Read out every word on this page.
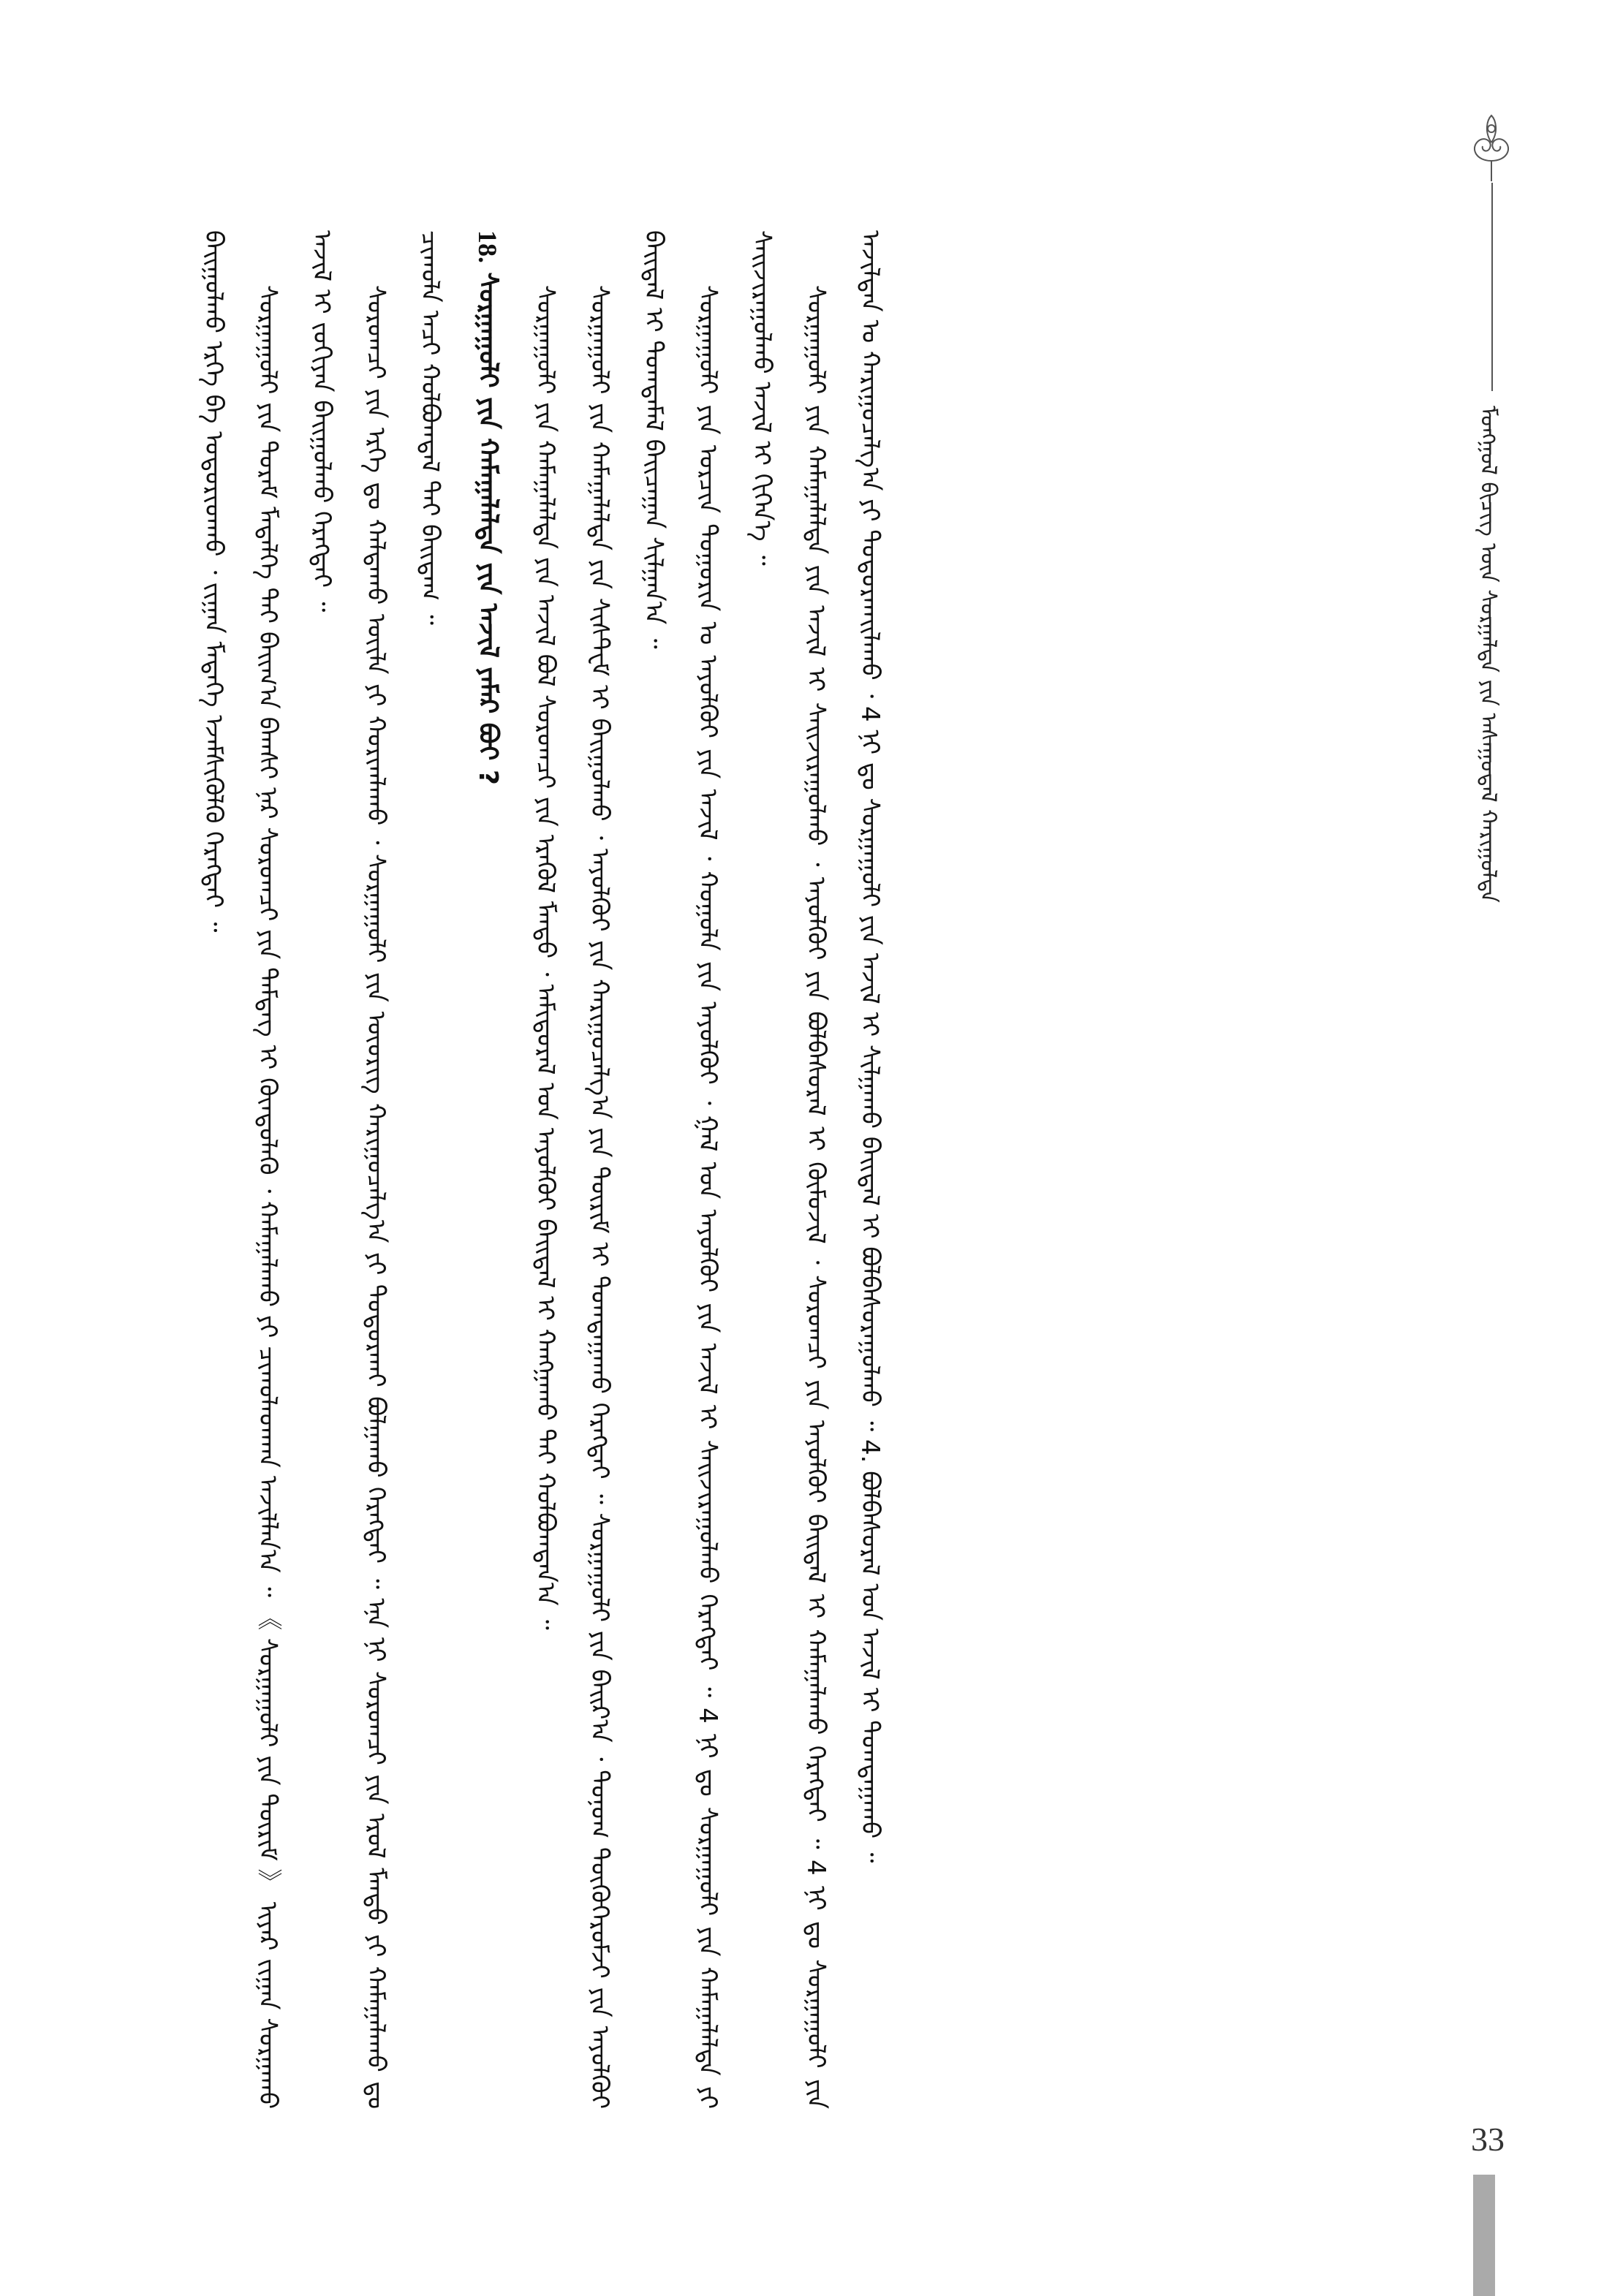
ᠮᠣᠩᠭᠣᠯ ᠪᠢᠴᠢᠭ ᠦᠨ ᠰᠤᠷᠭᠠᠯᠲᠠ ᠶᠢᠨ ᠠᠰᠠᠭᠤᠳᠠᠯ ᠬᠠᠷᠢᠭᠤᠯᠲᠠ
33

ᠪᠠᠢᠭᠤᠯᠬᠤ ᠡᠷᠬᠡ ᠪᠡ ᠤᠳᠤᠷᠢᠳᠬᠤ ᠂ ᠵᠢᠭᠠᠨ ᠮᠡᠳᠡᠭᠡ ᠡᠵᠡᠮᠰᠢᠭᠦᠯᠬᠦ ᠬᠡᠷᠡᠭᠲᠡᠢ ᠃	ᠰᠤᠷᠭᠠᠭᠤᠯᠢ ᠶᠢᠨ ᠳᠤᠷᠠᠮ ᠮᠡᠳᠡᠯᠭᠡ ᠲᠡᠢ ᠪᠠᠢᠭ᠎ᠠ ᠪᠠᠭᠰᠢ ᠨᠠᠷ ᠰᠤᠷᠤᠭᠴᠢ ᠶᠢᠨ ᠲᠡᠮᠳᠡᠭ ᠢ ᠬᠦᠨᠳᠦᠯᠡᠬᠦ ᠂ ᠬᠠᠮᠠᠭᠠᠯᠠᠬᠤ ᠶᠢ ᠴᠢᠬᠤᠯᠠᠳᠬᠠᠨ ᠠᠵᠢᠯᠯᠠᠨ᠎ᠠ ᠃ 《 ᠰᠤᠷᠭᠠᠭᠤᠯᠢ ᠶᠢᠨ ᠳᠦᠷᠢᠮ 》 ᠢᠶᠡᠷ ᠵᠢᠭᠠᠨ ᠰᠤᠷᠭᠠᠬᠤ ᠠᠵᠢᠯ ᠢ ᠵᠤᠬᠢᠶᠠᠨ ᠪᠠᠢᠭᠤᠯᠬᠤ ᠬᠡᠷᠡᠭᠲᠡᠢ ᠃	ᠰᠤᠷᠤᠭᠴᠢ ᠶᠢᠨ ᠡᠷᠬᠡ ᠳᠤ ᠬᠠᠯᠳᠠᠬᠤ ᠦᠢᠯᠡ ᠶᠢ ᠬᠤᠷᠢᠭᠯᠠᠬᠤ ᠂ ᠰᠤᠷᠭᠠᠭᠤᠯᠢ ᠶᠢᠨ ᠦᠦᠷᠢᠭ ᠬᠠᠷᠢᠭᠤᠴᠠᠯᠭ᠎ᠠ ᠶᠢ ᠲᠣᠳᠣᠷᠬᠠᠢ ᠪᠣᠯᠭᠠᠬᠤ ᠬᠡᠷᠡᠭᠲᠡᠢ ᠃ ᠡᠨᠡ ᠨᠢ ᠰᠤᠷᠤᠭᠴᠢ ᠶᠢᠨ ᠡᠷᠦᠯ ᠮᠡᠨᠳᠦ ᠶᠢ ᠬᠠᠮᠠᠭᠠᠯᠠᠬᠤ ᠳᠤ ᠴᠢᠬᠤᠯᠠ ᠠᠴᠢ ᠬᠤᠯᠪᠤᠭᠳᠠᠯ ᠲᠠᠢ ᠪᠠᠢᠳᠠᠭ ᠃	18. ᠰᠤᠷᠭᠠᠭᠤᠯᠢ ᠶᠢᠨ ᠬᠠᠮᠠᠭᠠᠯᠠᠯᠲᠠ ᠶᠢᠨ ᠠᠵᠢᠯ ᠶᠠᠮᠠᠷ ᠪᠤᠢ ?	ᠰᠤᠷᠭᠠᠭᠤᠯᠢ ᠶᠢᠨ ᠬᠠᠮᠠᠭᠠᠯᠠᠯᠲᠠ ᠶᠢᠨ ᠠᠵᠢᠯ ᠪᠣᠯ ᠰᠤᠷᠤᠭᠴᠢ ᠶᠢᠨ ᠡᠷᠡᠭᠦᠯ ᠮᠡᠨᠳᠦ ᠂ ᠠᠮᠢᠳᠤᠷᠠᠯ ᠤᠨ ᠠᠶᠤᠯᠭᠦᠢ ᠪᠠᠢᠳᠠᠯ ᠢ ᠬᠠᠩᠭᠠᠬᠤ ᠲᠠᠢ ᠬᠣᠯᠪᠣᠭᠳᠠᠨ᠎ᠠ ᠃	ᠰᠤᠷᠭᠠᠭᠤᠯᠢ ᠶᠢᠨ ᠬᠠᠮᠠᠭᠠᠯᠠᠯᠲᠠ ᠶᠢᠨ ᠰᠢᠰᠲᠧᠮ ᠢ ᠪᠠᠢᠭᠤᠯᠬᠤ ᠂ ᠠᠶᠤᠯᠭᠦᠢ ᠶᠢᠨ ᠬᠠᠷᠢᠭᠤᠴᠠᠯᠭ᠎ᠠ ᠶᠢᠨ ᠳᠦᠷᠢᠮ ᠢ ᠲᠣᠭᠲᠠᠭᠠᠬᠤ ᠬᠡᠷᠡᠭᠲᠡᠢ ᠃ ᠰᠤᠷᠭᠠᠭᠤᠯᠢ ᠶᠢᠨ ᠪᠠᠢᠷ᠎ᠠ ᠂ ᠲᠣᠨᠤᠭ ᠲᠦᠬᠦᠭᠡᠷᠦᠮᠵᠢ ᠶᠢᠨ ᠠᠶᠤᠯᠭᠦᠢ ᠪᠠᠢᠳᠠᠯ ᠢ ᠲᠣᠭᠲᠠᠮᠠᠯ ᠪᠠᠢᠴᠠᠭᠠᠨ ᠰᠢᠯᠭᠠᠨ᠎ᠠ ᠃	ᠰᠤᠷᠭᠠᠭᠤᠯᠢ ᠶᠢᠨ ᠣᠷᠴᠢᠨ ᠲᠣᠭᠣᠷᠢᠨ ᠤ ᠠᠶᠤᠯᠭᠦᠢ ᠶᠢᠨ ᠠᠵᠢᠯ ᠂ ᠬᠣᠭᠣᠯᠠ ᠶᠢᠨ ᠠᠶᠤᠯᠭᠦᠢ ᠂ ᠭᠠᠯ ᠤᠨ ᠠᠶᠤᠯᠭᠦᠢ ᠶᠢᠨ ᠠᠵᠢᠯ ᠢ ᠰᠠᠢᠵᠢᠷᠠᠭᠤᠯᠬᠤ ᠬᠡᠷᠡᠭᠲᠡᠢ ᠃ 4 ᠨᠢ ᠳᠤ ᠰᠤᠷᠭᠠᠭᠤᠯᠢ ᠶᠢᠨ ᠬᠠᠮᠠᠭᠠᠯᠠᠯᠲᠠ ᠶᠢ ᠰᠠᠢᠵᠢᠷᠠᠭᠤᠯᠬᠤ ᠠᠵᠢᠯ ᠢ ᠬᠢᠭᠡᠨ᠎ᠡ ᠃	ᠰᠤᠷᠭᠠᠭᠤᠯᠢ ᠶᠢᠨ ᠬᠠᠮᠠᠭᠠᠯᠠᠯᠲᠠ ᠶᠢᠨ ᠠᠵᠢᠯ ᠢ ᠰᠠᠢᠵᠢᠷᠠᠭᠤᠯᠬᠤ ᠂ ᠠᠶᠤᠯᠭᠦᠢ ᠶᠢᠨ ᠪᠣᠯᠪᠠᠰᠤᠷᠠᠯ ᠢ ᠬᠦᠮᠦᠵᠢᠯ ᠂ ᠰᠤᠷᠤᠭᠴᠢ ᠶᠢᠨ ᠠᠶᠤᠯᠭᠦᠢ ᠪᠠᠢᠳᠠᠯ ᠢ ᠬᠠᠮᠠᠭᠠᠯᠠᠬᠤ ᠬᠡᠷᠡᠭᠲᠡᠢ ᠃ 4 ᠨᠢ ᠳᠤ ᠰᠤᠷᠭᠠᠭᠤᠯᠢ ᠶᠢᠨ ᠠᠵᠢᠯᠲᠠᠨ ᠤ ᠬᠠᠷᠢᠭᠤᠴᠠᠯᠭ᠎ᠠ ᠶᠢ ᠲᠣᠳᠣᠷᠬᠠᠢᠯᠠᠬᠤ ᠂ 4 ᠨᠢ ᠳᠤ ᠰᠤᠷᠭᠠᠭᠤᠯᠢ ᠶᠢᠨ ᠠᠵᠢᠯ ᠢ ᠰᠢᠯᠭᠠᠬᠤ ᠪᠠᠢᠳᠠᠯ ᠢ ᠪᠣᠯᠪᠠᠰᠤᠷᠠᠭᠤᠯᠬᠤ ᠃ 4. ᠪᠣᠯᠪᠠᠰᠤᠷᠠᠯ ᠤᠨ ᠠᠵᠢᠯ ᠢ ᠲᠣᠭᠲᠠᠭᠠᠬᠤ ᠃
